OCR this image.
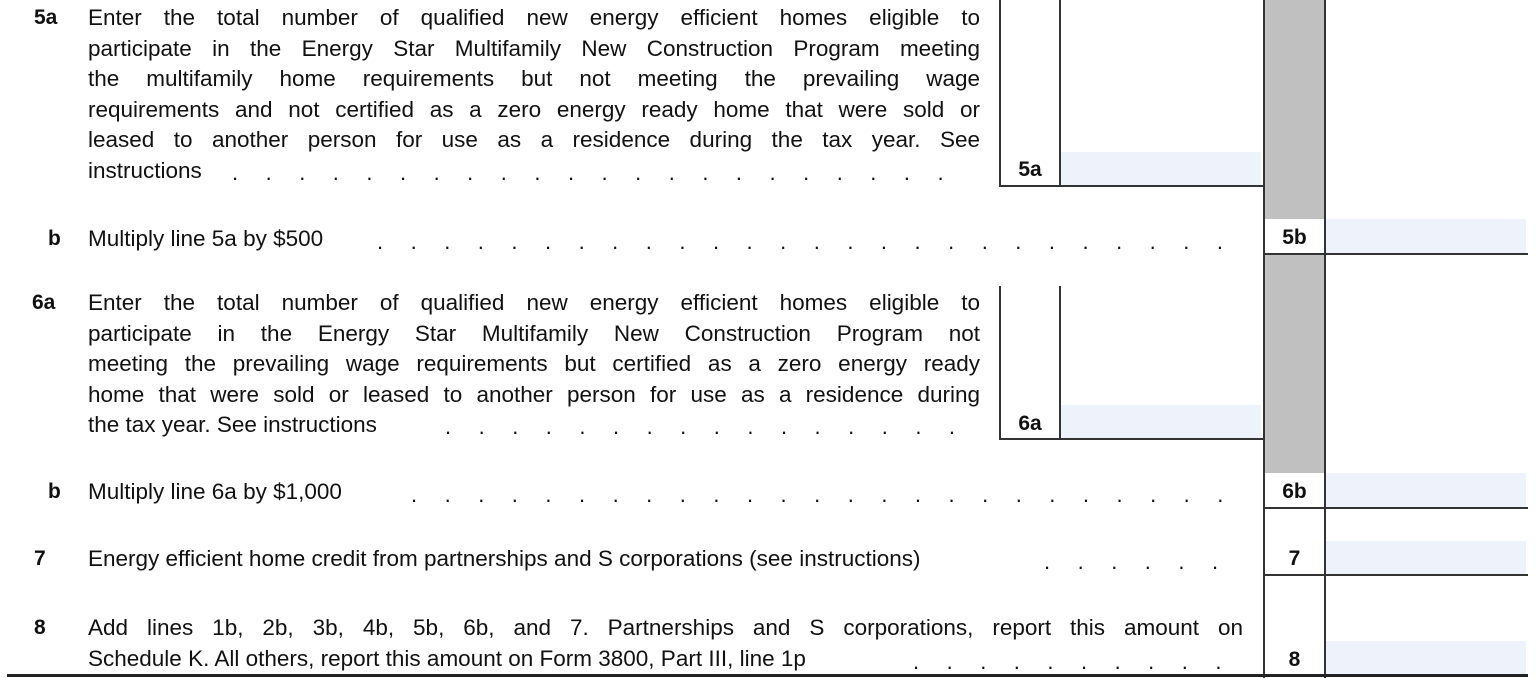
5a Enter the total number of qualified new energy efficient homes eligible to
participate in the Energy Star Multifamily New Construction Program meeting
the multifamily home requirements but not meeting the prevailing wage
requirements and not certified as a zero energy ready home that were sold or
leased to another person for use as a residence during the tax year. See
instructions	. . . . . . . . . . . . . . . . . . . . . .	5a
b Multiply line 5a by $500 . . . . . . . . . . . . . . . . . . . . . . . . . .	5b
6a Enter the total number of qualified new energy efficient homes eligible to
participate in the Energy Star Multifamily New Construction Program not
meeting the prevailing wage requirements but certified as a zero energy ready
home that were sold or leased to another person for use as a residence during
the tax year. See instructions	. . . . . . . . . . . . . . . .	6a
b Multiply line 6a by $1,000	. . . . . . . . . . . . . . . . . . . . . . . . .	6b
7 Energy efficient home credit from partnerships and S corporations (see instructions)	. . . . . .	7
8 Add lines 1b, 2b, 3b, 4b, 5b, 6b, and 7. Partnerships and S corporations, report this amount on
Schedule K. All others, report this amount on Form 3800, Part III, line 1p	. . . . . . . . . .	8
